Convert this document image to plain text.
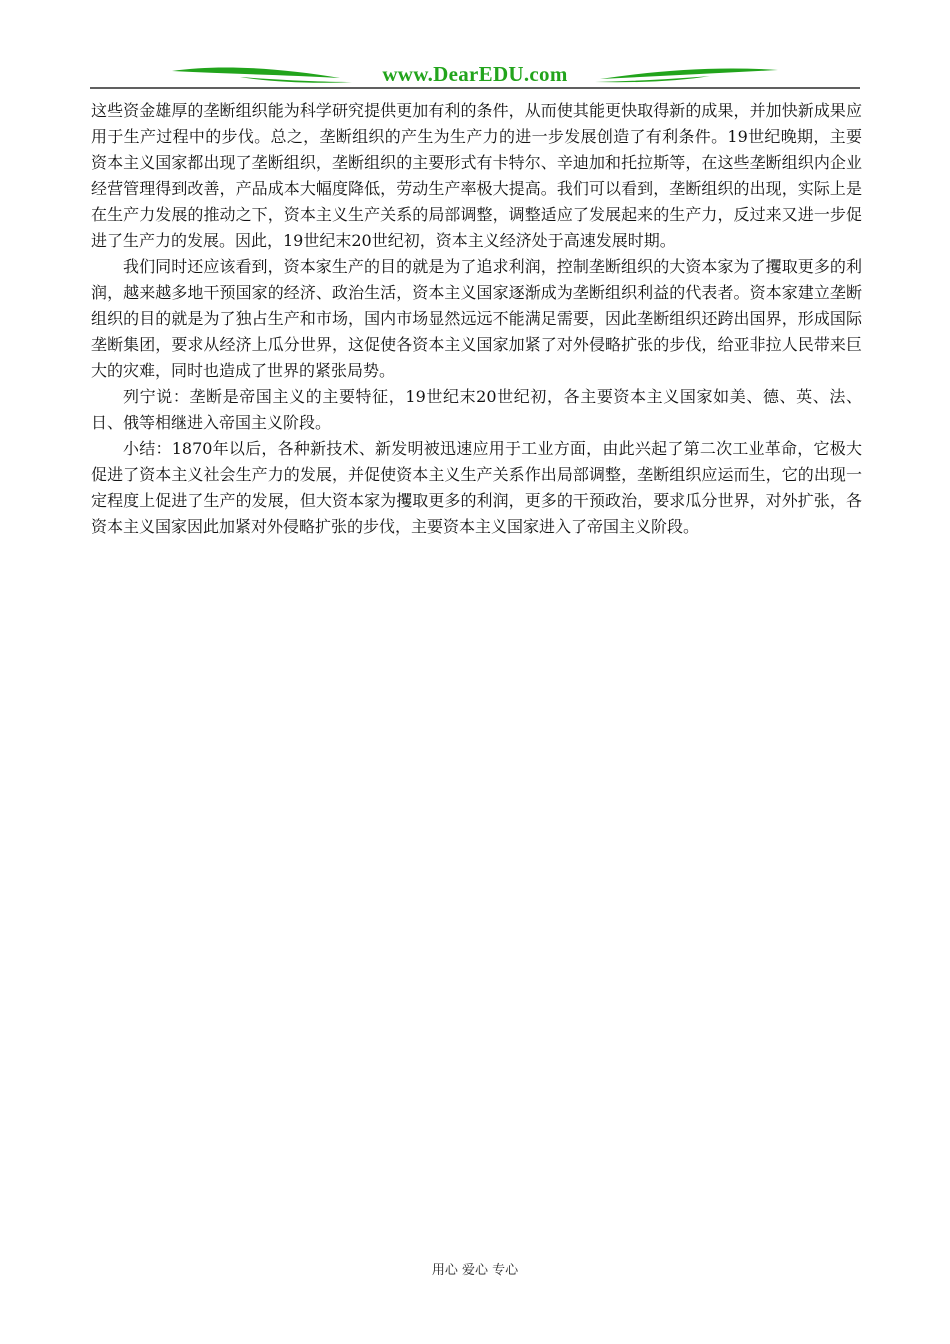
www.DearEDU.com

这些资金雄厚的垄断组织能为科学研究提供更加有利的条件，从而使其能更快取得新的成果，并加快新成果应用于生产过程中的步伐。总之，垄断组织的产生为生产力的进一步发展创造了有利条件。19世纪晚期，主要资本主义国家都出现了垄断组织，垄断组织的主要形式有卡特尔、辛迪加和托拉斯等，在这些垄断组织内企业经营管理得到改善，产品成本大幅度降低，劳动生产率极大提高。我们可以看到，垄断组织的出现，实际上是在生产力发展的推动之下，资本主义生产关系的局部调整，调整适应了发展起来的生产力，反过来又进一步促进了生产力的发展。因此，19世纪末20世纪初，资本主义经济处于高速发展时期。

我们同时还应该看到，资本家生产的目的就是为了追求利润，控制垄断组织的大资本家为了攫取更多的利润，越来越多地干预国家的经济、政治生活，资本主义国家逐渐成为垄断组织利益的代表者。资本家建立垄断组织的目的就是为了独占生产和市场，国内市场显然远远不能满足需要，因此垄断组织还跨出国界，形成国际垄断集团，要求从经济上瓜分世界，这促使各资本主义国家加紧了对外侵略扩张的步伐，给亚非拉人民带来巨大的灾难，同时也造成了世界的紧张局势。

列宁说：垄断是帝国主义的主要特征，19世纪末20世纪初，各主要资本主义国家如美、德、英、法、日、俄等相继进入帝国主义阶段。

小结：1870年以后，各种新技术、新发明被迅速应用于工业方面，由此兴起了第二次工业革命，它极大促进了资本主义社会生产力的发展，并促使资本主义生产关系作出局部调整，垄断组织应运而生，它的出现一定程度上促进了生产的发展，但大资本家为攫取更多的利润，更多的干预政治，要求瓜分世界，对外扩张，各资本主义国家因此加紧对外侵略扩张的步伐，主要资本主义国家进入了帝国主义阶段。

用心 爱心 专心
